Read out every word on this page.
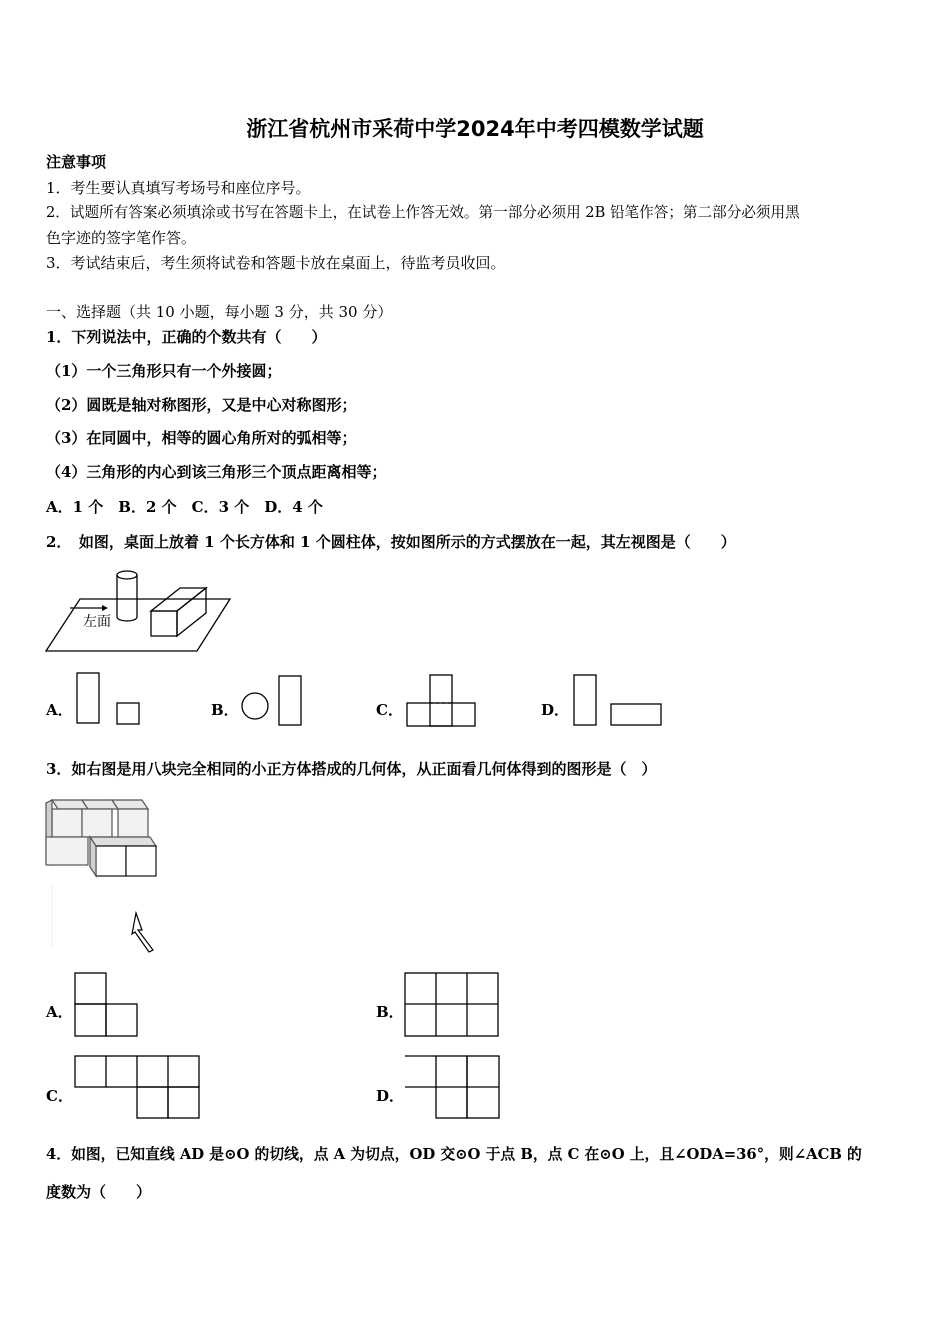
浙江省杭州市采荷中学2024年中考四模数学试题
注意事项
1．考生要认真填写考场号和座位序号。
2．试题所有答案必须填涂或书写在答题卡上，在试卷上作答无效。第一部分必须用 2B 铅笔作答；第二部分必须用黑
色字迹的签字笔作答。
3．考试结束后，考生须将试卷和答题卡放在桌面上，待监考员收回。
一、选择题（共 10 小题，每小题 3 分，共 30 分）
1．下列说法中，正确的个数共有（　　）
（1）一个三角形只有一个外接圆；
（2）圆既是轴对称图形，又是中心对称图形；
（3）在同圆中，相等的圆心角所对的弧相等；
（4）三角形的内心到该三角形三个顶点距离相等；
A．1 个　B．2 个　C．3 个　D．4 个
2．　如图，桌面上放着 1 个长方体和 1 个圆柱体，按如图所示的方式摆放在一起，其左视图是（　　）
左面
A．	B．	C．	D．
3．如右图是用八块完全相同的小正方体搭成的几何体，从正面看几何体得到的图形是（　）
A．	B．
C．	D．
4．如图，已知直线 AD 是⊙O 的切线，点 A 为切点，OD 交⊙O 于点 B，点 C 在⊙O 上，且∠ODA=36°，则∠ACB 的
度数为（　　）
